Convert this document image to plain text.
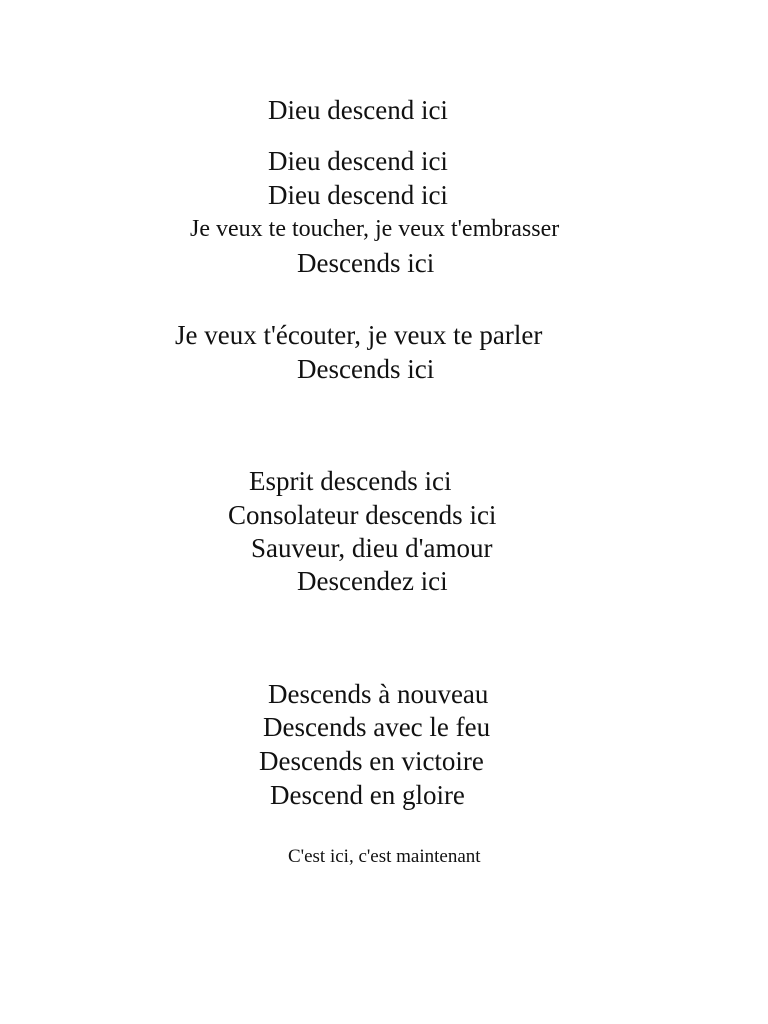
Dieu descend ici
Dieu descend ici
Dieu descend ici
Je veux te toucher, je veux t'embrasser
Descends ici
Je veux t'écouter, je veux te parler
Descends ici
Esprit descends ici
Consolateur descends ici
Sauveur, dieu d'amour
Descendez ici
Descends à nouveau
Descends avec le feu
Descends en victoire
Descend en gloire
C'est ici, c'est maintenant
